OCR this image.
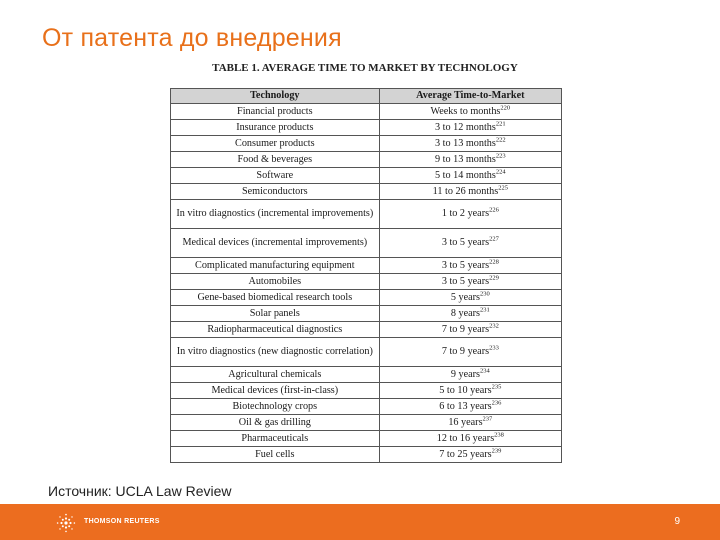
От патента до внедрения
TABLE 1. AVERAGE TIME TO MARKET BY TECHNOLOGY
Technology	Average Time-to-Market
Financial products	Weeks to months$^{220}$
Insurance products	3 to 12 months$^{221}$
Consumer products	3 to 13 months$^{222}$
Food & beverages	9 to 13 months$^{223}$
Software	5 to 14 months$^{224}$
Semiconductors	11 to 26 months$^{225}$
In vitro diagnostics (incremental improvements)	1 to 2 years$^{226}$
Medical devices (incremental improvements)	3 to 5 years$^{227}$
Complicated manufacturing equipment	3 to 5 years$^{228}$
Automobiles	3 to 5 years$^{229}$
Gene-based biomedical research tools	5 years$^{230}$
Solar panels	8 years$^{231}$
Radiopharmaceutical diagnostics	7 to 9 years$^{232}$
In vitro diagnostics (new diagnostic correlation)	7 to 9 years$^{233}$
Agricultural chemicals	9 years$^{234}$
Medical devices (first-in-class)	5 to 10 years$^{235}$
Biotechnology crops	6 to 13 years$^{236}$
Oil & gas drilling	16 years$^{237}$
Pharmaceuticals	12 to 16 years$^{238}$
Fuel cells	7 to 25 years$^{239}$
Источник: UCLA Law Review
THOMSON REUTERS	9
